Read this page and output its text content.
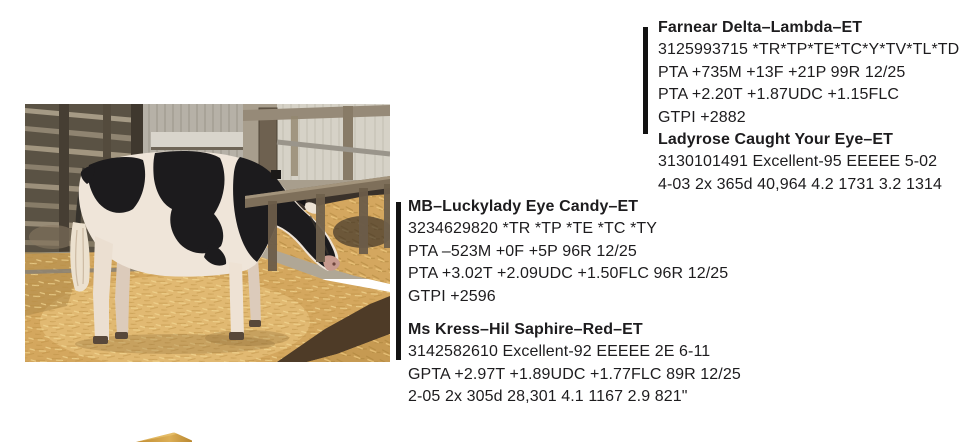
Farnear Delta–Lambda–ET

3125993715 *TR*TP*TE*TC*Y*TV*TL*TD

PTA +735M +13F +21P 99R 12/25

PTA +2.20T +1.87UDC +1.15FLC

GTPI +2882

Ladyrose Caught Your Eye–ET

3130101491 Excellent-95 EEEEE 5-02

4-03 2x 365d 40,964 4.2 1731 3.2 1314

MB–Luckylady Eye Candy–ET

3234629820 *TR *TP *TE *TC *TY

PTA –523M +0F +5P 96R 12/25

PTA +3.02T +2.09UDC +1.50FLC 96R 12/25

GTPI +2596

Ms Kress–Hil Saphire–Red–ET

3142582610 Excellent-92 EEEEE 2E 6-11

GPTA +2.97T +1.89UDC +1.77FLC 89R 12/25

2-05 2x 305d 28,301 4.1 1167 2.9 821"
